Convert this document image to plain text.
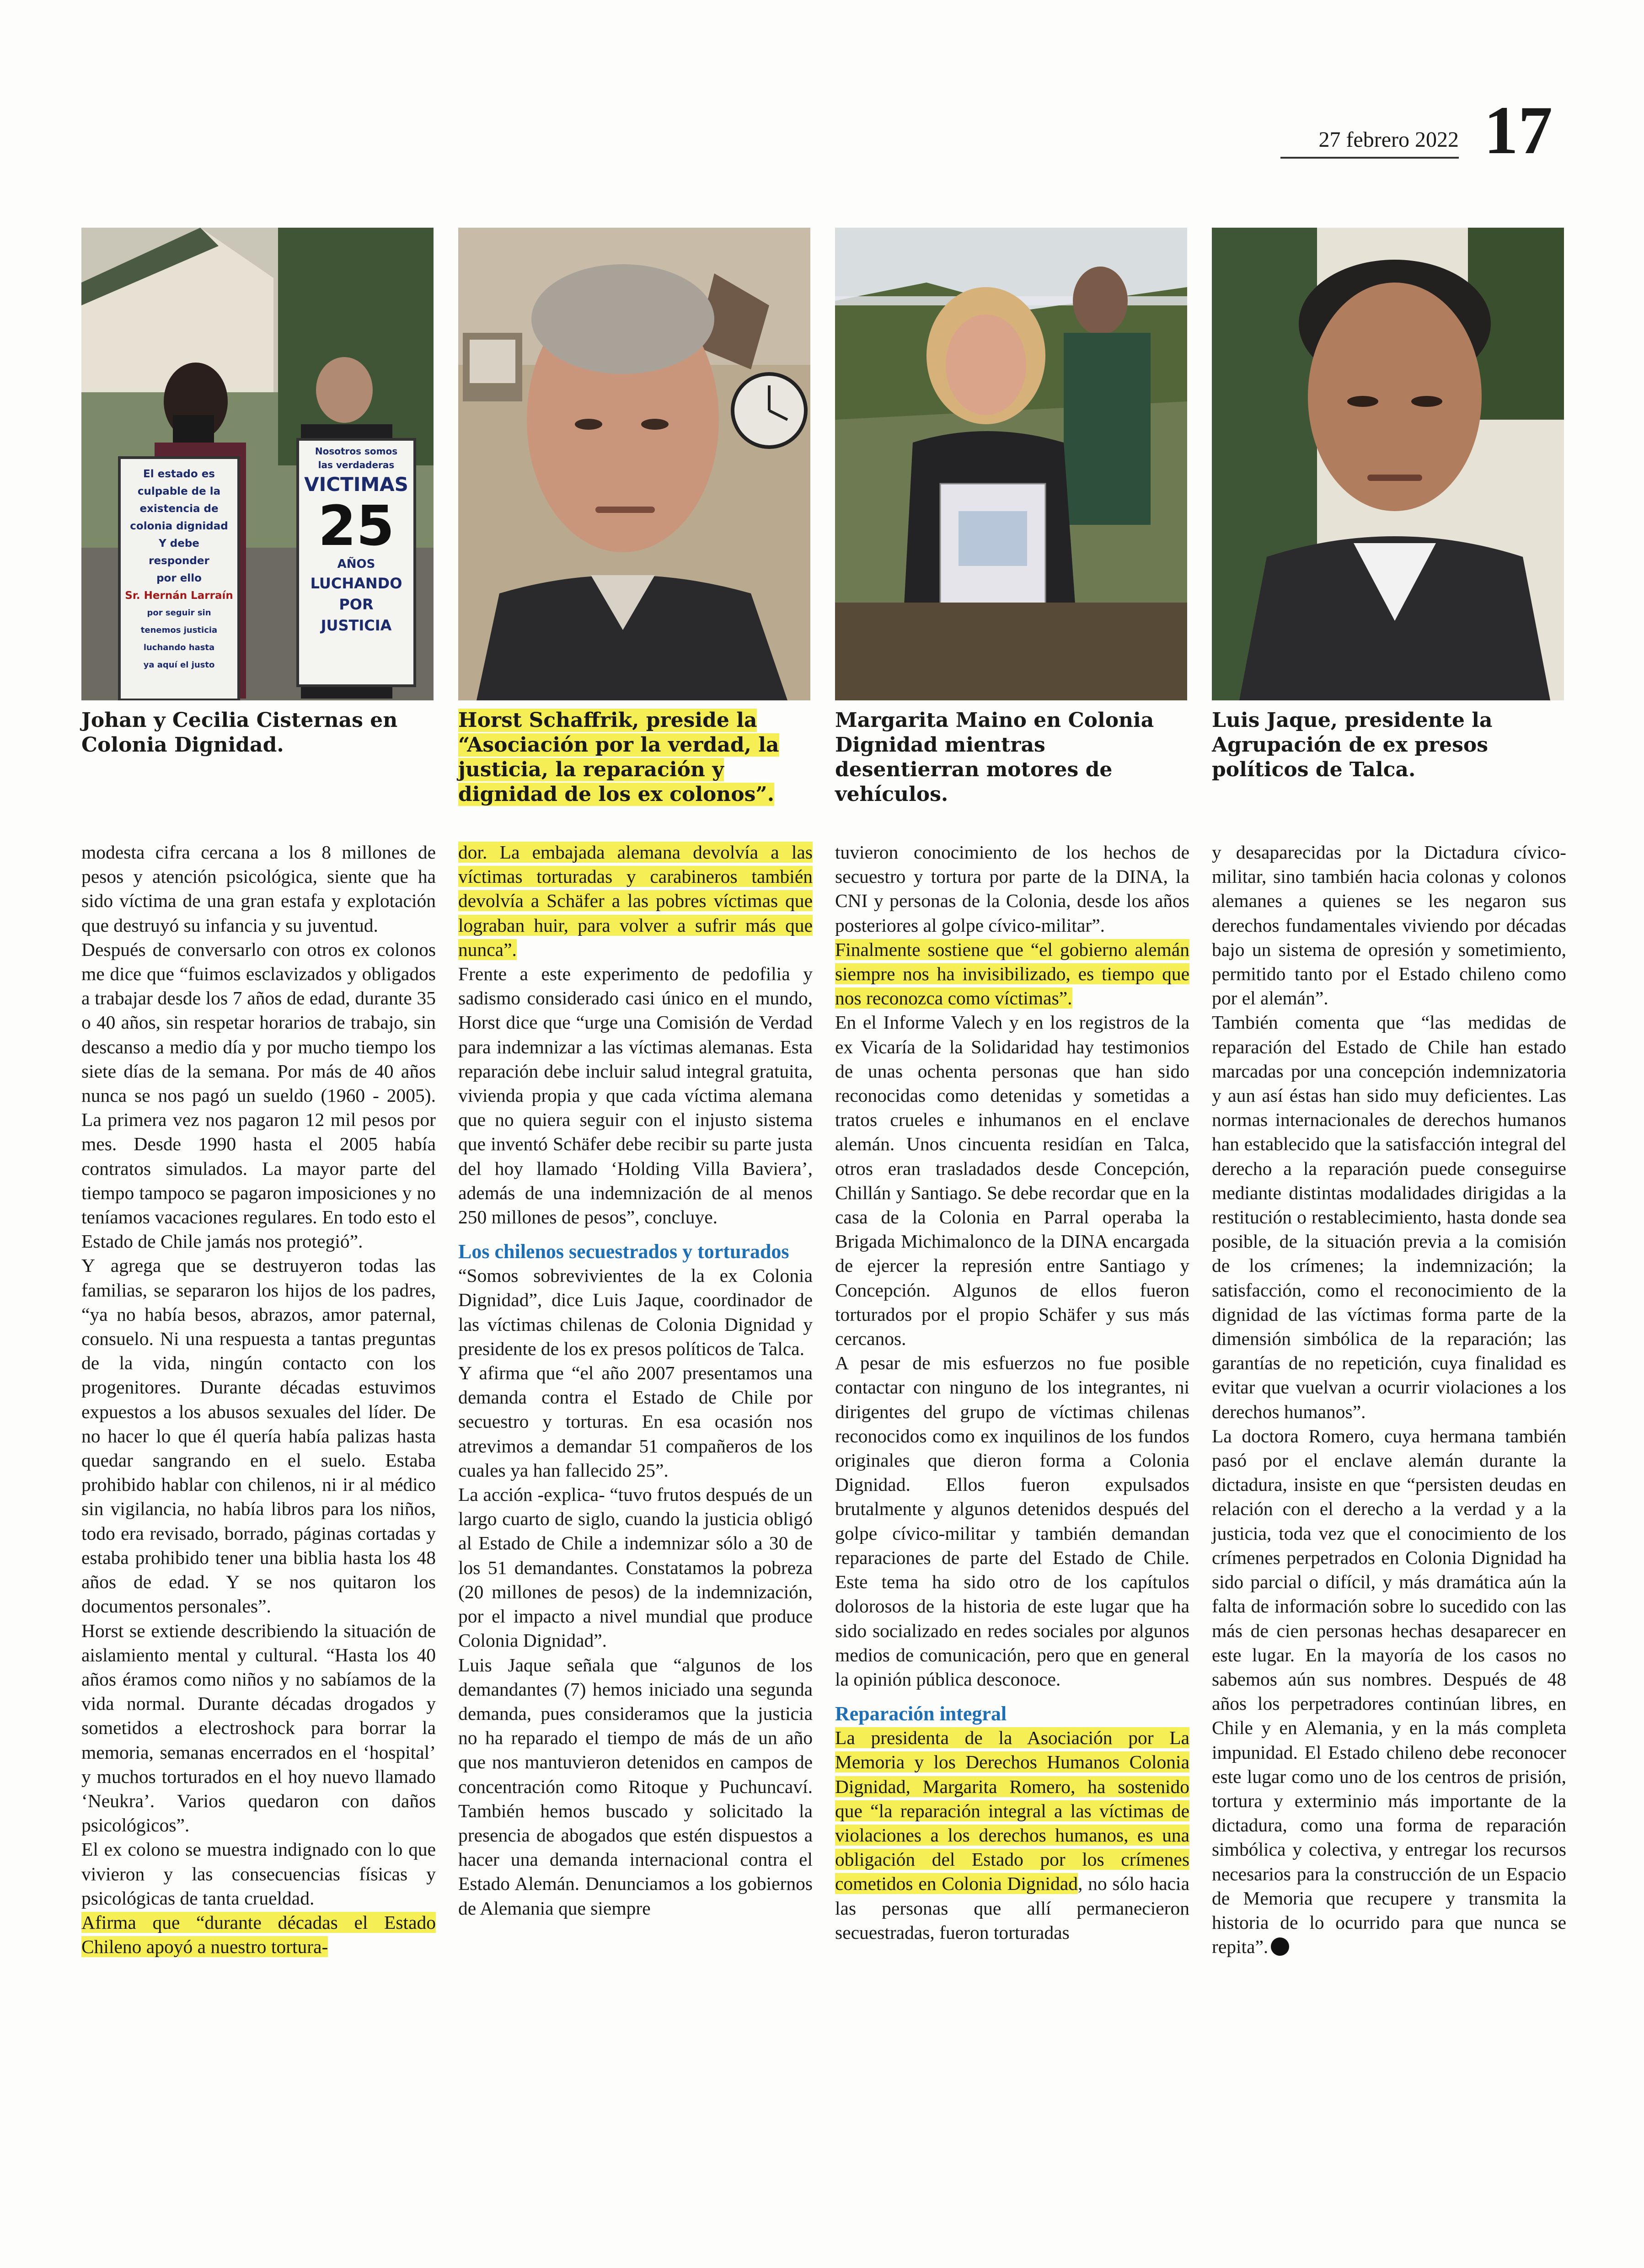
27 febrero 2022 17
El estado es
culpable de la
existencia de
colonia dignidad
Y debe
responder
por ello
Sr. Hernán Larraín
por seguir sin
tenemos justicia
luchando hasta
ya aquí el justo
Nosotros somos
las verdaderas
VICTIMAS
25
AÑOS
LUCHANDO
POR
JUSTICIA
Johan y Cecilia Cisternas en Colonia Dignidad.
Horst Schaffrik, preside la “Asociación por la verdad, la justicia, la reparación y dignidad de los ex colonos”.
Margarita Maino en Colonia Dignidad mientras desentierran motores de vehículos.
Luis Jaque, presidente la Agrupación de ex presos políticos de Talca.

modesta cifra cercana a los 8 millones de pesos y atención psicológica, siente que ha sido víctima de una gran estafa y explotación que destruyó su infancia y su juventud.

Después de conversarlo con otros ex colonos me dice que “fuimos esclavizados y obligados a trabajar desde los 7 años de edad, durante 35 o 40 años, sin respetar horarios de trabajo, sin descanso a medio día y por mucho tiempo los siete días de la semana. Por más de 40 años nunca se nos pagó un sueldo (1960 - 2005). La primera vez nos pagaron 12 mil pesos por mes. Desde 1990 hasta el 2005 había contratos simulados. La mayor parte del tiempo tampoco se pagaron imposiciones y no teníamos vacaciones regulares. En todo esto el Estado de Chile jamás nos protegió”.

Y agrega que se destruyeron todas las familias, se separaron los hijos de los padres, “ya no había besos, abrazos, amor paternal, consuelo. Ni una respuesta a tantas preguntas de la vida, ningún contacto con los progenitores. Durante décadas estuvimos expuestos a los abusos sexuales del líder. De no hacer lo que él quería había palizas hasta quedar sangrando en el suelo. Estaba prohibido hablar con chilenos, ni ir al médico sin vigilancia, no había libros para los niños, todo era revisado, borrado, páginas cortadas y estaba prohibido tener una biblia hasta los 48 años de edad. Y se nos quitaron los documentos personales”.

Horst se extiende describiendo la situación de aislamiento mental y cultural. “Hasta los 40 años éramos como niños y no sabíamos de la vida normal. Durante décadas drogados y sometidos a electroshock para borrar la memoria, semanas encerrados en el ‘hospital’ y muchos torturados en el hoy nuevo llamado ‘Neukra’. Varios quedaron con daños psicológicos”.

El ex colono se muestra indignado con lo que vivieron y las consecuencias físicas y psicológicas de tanta crueldad.

Afirma que “durante décadas el Estado Chileno apoyó a nuestro tortura-

dor. La embajada alemana devolvía a las víctimas torturadas y carabineros también devolvía a Schäfer a las pobres víctimas que lograban huir, para volver a sufrir más que nunca”.

Frente a este experimento de pedofilia y sadismo considerado casi único en el mundo, Horst dice que “urge una Comisión de Verdad para indemnizar a las víctimas alemanas. Esta reparación debe incluir salud integral gratuita, vivienda propia y que cada víctima alemana que no quiera seguir con el injusto sistema que inventó Schäfer debe recibir su parte justa del hoy llamado ‘Holding Villa Baviera’, además de una indemnización de al menos 250 millones de pesos”, concluye.

Los chilenos secuestrados y torturados

“Somos sobrevivientes de la ex Colonia Dignidad”, dice Luis Jaque, coordinador de las víctimas chilenas de Colonia Dignidad y presidente de los ex presos políticos de Talca.

Y afirma que “el año 2007 presentamos una demanda contra el Estado de Chile por secuestro y torturas. En esa ocasión nos atrevimos a demandar 51 compañeros de los cuales ya han fallecido 25”.

La acción -explica- “tuvo frutos después de un largo cuarto de siglo, cuando la justicia obligó al Estado de Chile a indemnizar sólo a 30 de los 51 demandantes. Constatamos la pobreza (20 millones de pesos) de la indemnización, por el impacto a nivel mundial que produce Colonia Dignidad”.

Luis Jaque señala que “algunos de los demandantes (7) hemos iniciado una segunda demanda, pues consideramos que la justicia no ha reparado el tiempo de más de un año que nos mantuvieron detenidos en campos de concentración como Ritoque y Puchuncaví. También hemos buscado y solicitado la presencia de abogados que estén dispuestos a hacer una demanda internacional contra el Estado Alemán. Denunciamos a los gobiernos de Alemania que siempre

tuvieron conocimiento de los hechos de secuestro y tortura por parte de la DINA, la CNI y personas de la Colonia, desde los años posteriores al golpe cívico-militar”.

Finalmente sostiene que “el gobierno alemán siempre nos ha invisibilizado, es tiempo que nos reconozca como víctimas”.

En el Informe Valech y en los registros de la ex Vicaría de la Solidaridad hay testimonios de unas ochenta personas que han sido reconocidas como detenidas y sometidas a tratos crueles e inhumanos en el enclave alemán. Unos cincuenta residían en Talca, otros eran trasladados desde Concepción, Chillán y Santiago. Se debe recordar que en la casa de la Colonia en Parral operaba la Brigada Michimalonco de la DINA encargada de ejercer la represión entre Santiago y Concepción. Algunos de ellos fueron torturados por el propio Schäfer y sus más cercanos.

A pesar de mis esfuerzos no fue posible contactar con ninguno de los integrantes, ni dirigentes del grupo de víctimas chilenas reconocidos como ex inquilinos de los fundos originales que dieron forma a Colonia Dignidad. Ellos fueron expulsados brutalmente y algunos detenidos después del golpe cívico-militar y también demandan reparaciones de parte del Estado de Chile. Este tema ha sido otro de los capítulos dolorosos de la historia de este lugar que ha sido socializado en redes sociales por algunos medios de comunicación, pero que en general la opinión pública desconoce.

Reparación integral

La presidenta de la Asociación por La Memoria y los Derechos Humanos Colonia Dignidad, Margarita Romero, ha sostenido que “la reparación integral a las víctimas de violaciones a los derechos humanos, es una obligación del Estado por los crímenes cometidos en Colonia Dignidad, no sólo hacia las personas que allí permanecieron secuestradas, fueron torturadas

y desaparecidas por la Dictadura cívico-militar, sino también hacia colonas y colonos alemanes a quienes se les negaron sus derechos fundamentales viviendo por décadas bajo un sistema de opresión y sometimiento, permitido tanto por el Estado chileno como por el alemán”.

También comenta que “las medidas de reparación del Estado de Chile han estado marcadas por una concepción indemnizatoria y aun así éstas han sido muy deficientes. Las normas internacionales de derechos humanos han establecido que la satisfacción integral del derecho a la reparación puede conseguirse mediante distintas modalidades dirigidas a la restitución o restablecimiento, hasta donde sea posible, de la situación previa a la comisión de los crímenes; la indemnización; la satisfacción, como el reconocimiento de la dignidad de las víctimas forma parte de la dimensión simbólica de la reparación; las garantías de no repetición, cuya finalidad es evitar que vuelvan a ocurrir violaciones a los derechos humanos”.

La doctora Romero, cuya hermana también pasó por el enclave alemán durante la dictadura, insiste en que “persisten deudas en relación con el derecho a la verdad y a la justicia, toda vez que el conocimiento de los crímenes perpetrados en Colonia Dignidad ha sido parcial o difícil, y más dramática aún la falta de información sobre lo sucedido con las más de cien personas hechas desaparecer en este lugar. En la mayoría de los casos no sabemos aún sus nombres. Después de 48 años los perpetradores continúan libres, en Chile y en Alemania, y en la más completa impunidad. El Estado chileno debe reconocer este lugar como uno de los centros de prisión, tortura y exterminio más importante de la dictadura, como una forma de reparación simbólica y colectiva, y entregar los recursos necesarios para la construcción de un Espacio de Memoria que recupere y transmita la historia de lo ocurrido para que nunca se repita”.
